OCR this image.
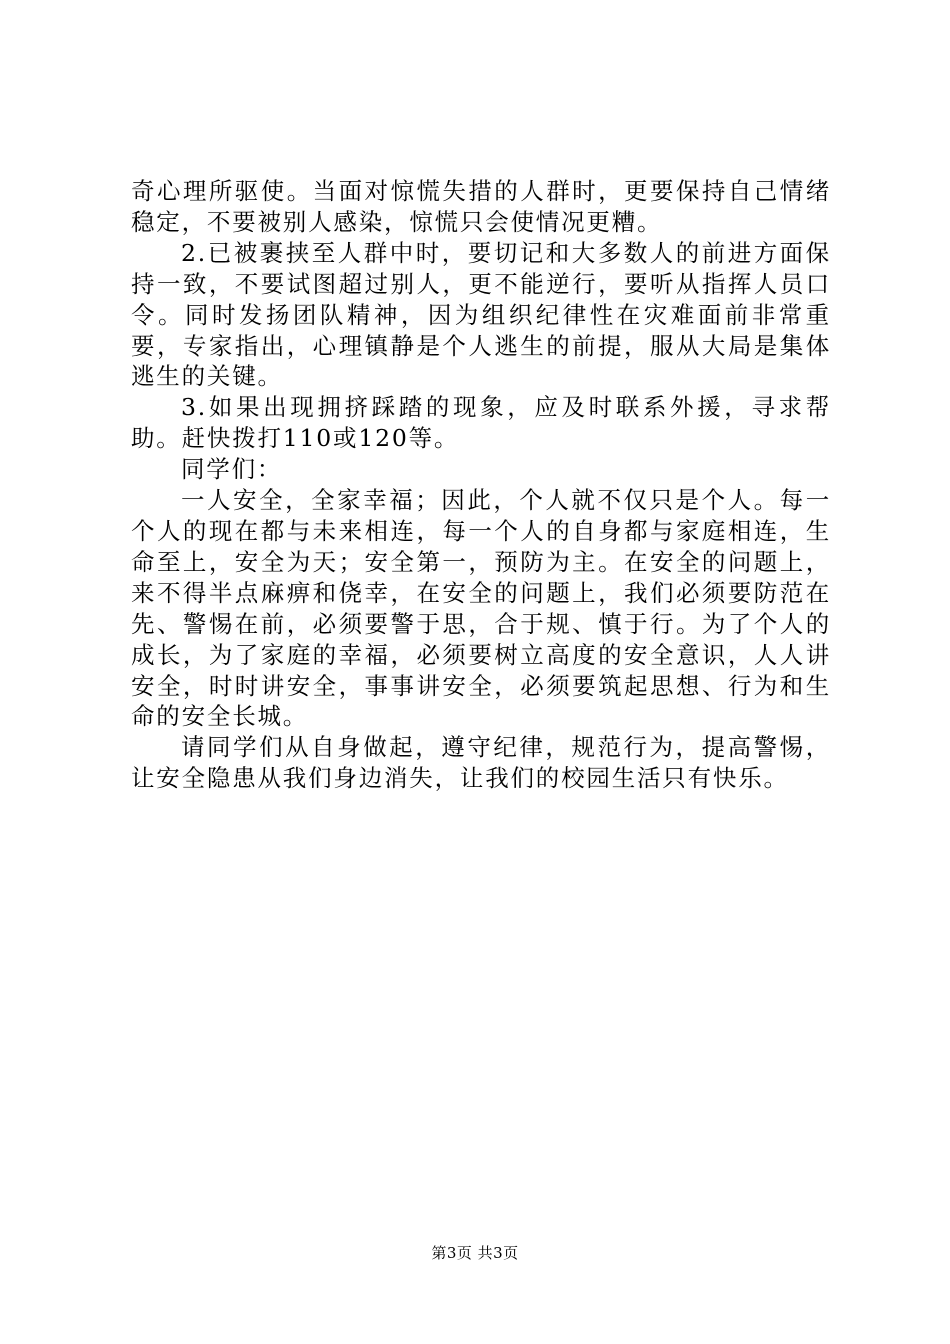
奇心理所驱使。当面对惊慌失措的人群时，更要保持自己情绪稳定，不要被别人感染，惊慌只会使情况更糟。

2.已被裹挟至人群中时，要切记和大多数人的前进方面保持一致，不要试图超过别人，更不能逆行，要听从指挥人员口令。同时发扬团队精神，因为组织纪律性在灾难面前非常重要，专家指出，心理镇静是个人逃生的前提，服从大局是集体逃生的关键。

3.如果出现拥挤踩踏的现象，应及时联系外援，寻求帮助。赶快拨打110或120等。

同学们：

一人安全，全家幸福；因此，个人就不仅只是个人。每一个人的现在都与未来相连，每一个人的自身都与家庭相连，生命至上，安全为天；安全第一，预防为主。在安全的问题上，来不得半点麻痹和侥幸，在安全的问题上，我们必须要防范在先、警惕在前，必须要警于思，合于规、慎于行。为了个人的成长，为了家庭的幸福，必须要树立高度的安全意识，人人讲安全，时时讲安全，事事讲安全，必须要筑起思想、行为和生命的安全长城。

请同学们从自身做起，遵守纪律，规范行为，提高警惕，让安全隐患从我们身边消失，让我们的校园生活只有快乐。

第3页 共3页
